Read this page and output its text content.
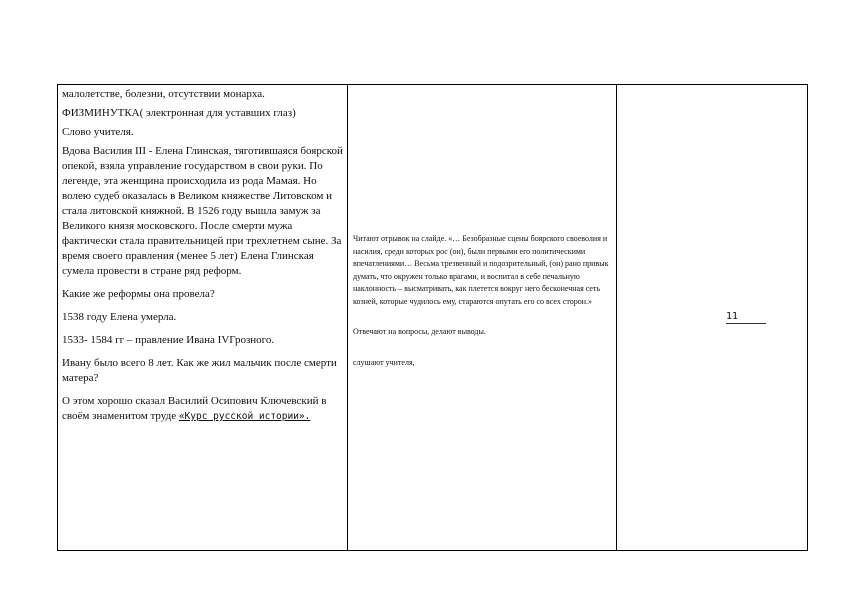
малолетстве, болезни, отсутствии монарха.

ФИЗМИНУТКА( электронная для уставших глаз)

Слово учителя.

Вдова Василия III - Елена Глинская, тяготившаяся боярской опекой, взяла управление государством в свои руки. По легенде, эта женщина происходила из рода Мамая. Но волею судеб оказалась в Великом княжестве Литовском и стала литовской княжной. В 1526 году вышла замуж за Великого князя московского. После смерти мужа фактически стала правительницей при трехлетнем сыне. За время своего правления (менее 5 лет) Елена Глинская сумела провести в стране ряд реформ.

Какие же реформы она провела?

1538 году Елена умерла.

1533- 1584 гг – правление Ивана IVГрозного.

Ивану было всего 8 лет. Как же жил мальчик после смерти матера?

О этом хорошо сказал Василий Осипович Ключевский в своём знаменитом труде «Курс русской истории».

Читают отрывок на слайде. «… Безобразные сцены боярского своеволия и насилия, среди которых рос (он), были первыми его политическими впечатлениями… Весьма трезвенный и подозрительный, (он) рано привык думать, что окружен только врагами, и воспитал в себе печальную наклонность – высматривать, как плетется вокруг него бесконечная сеть козней, которые чудилось ему, стараются опутать его со всех сторон.»

Отвечают на вопросы, делают выводы.

слушают учителя,

11
